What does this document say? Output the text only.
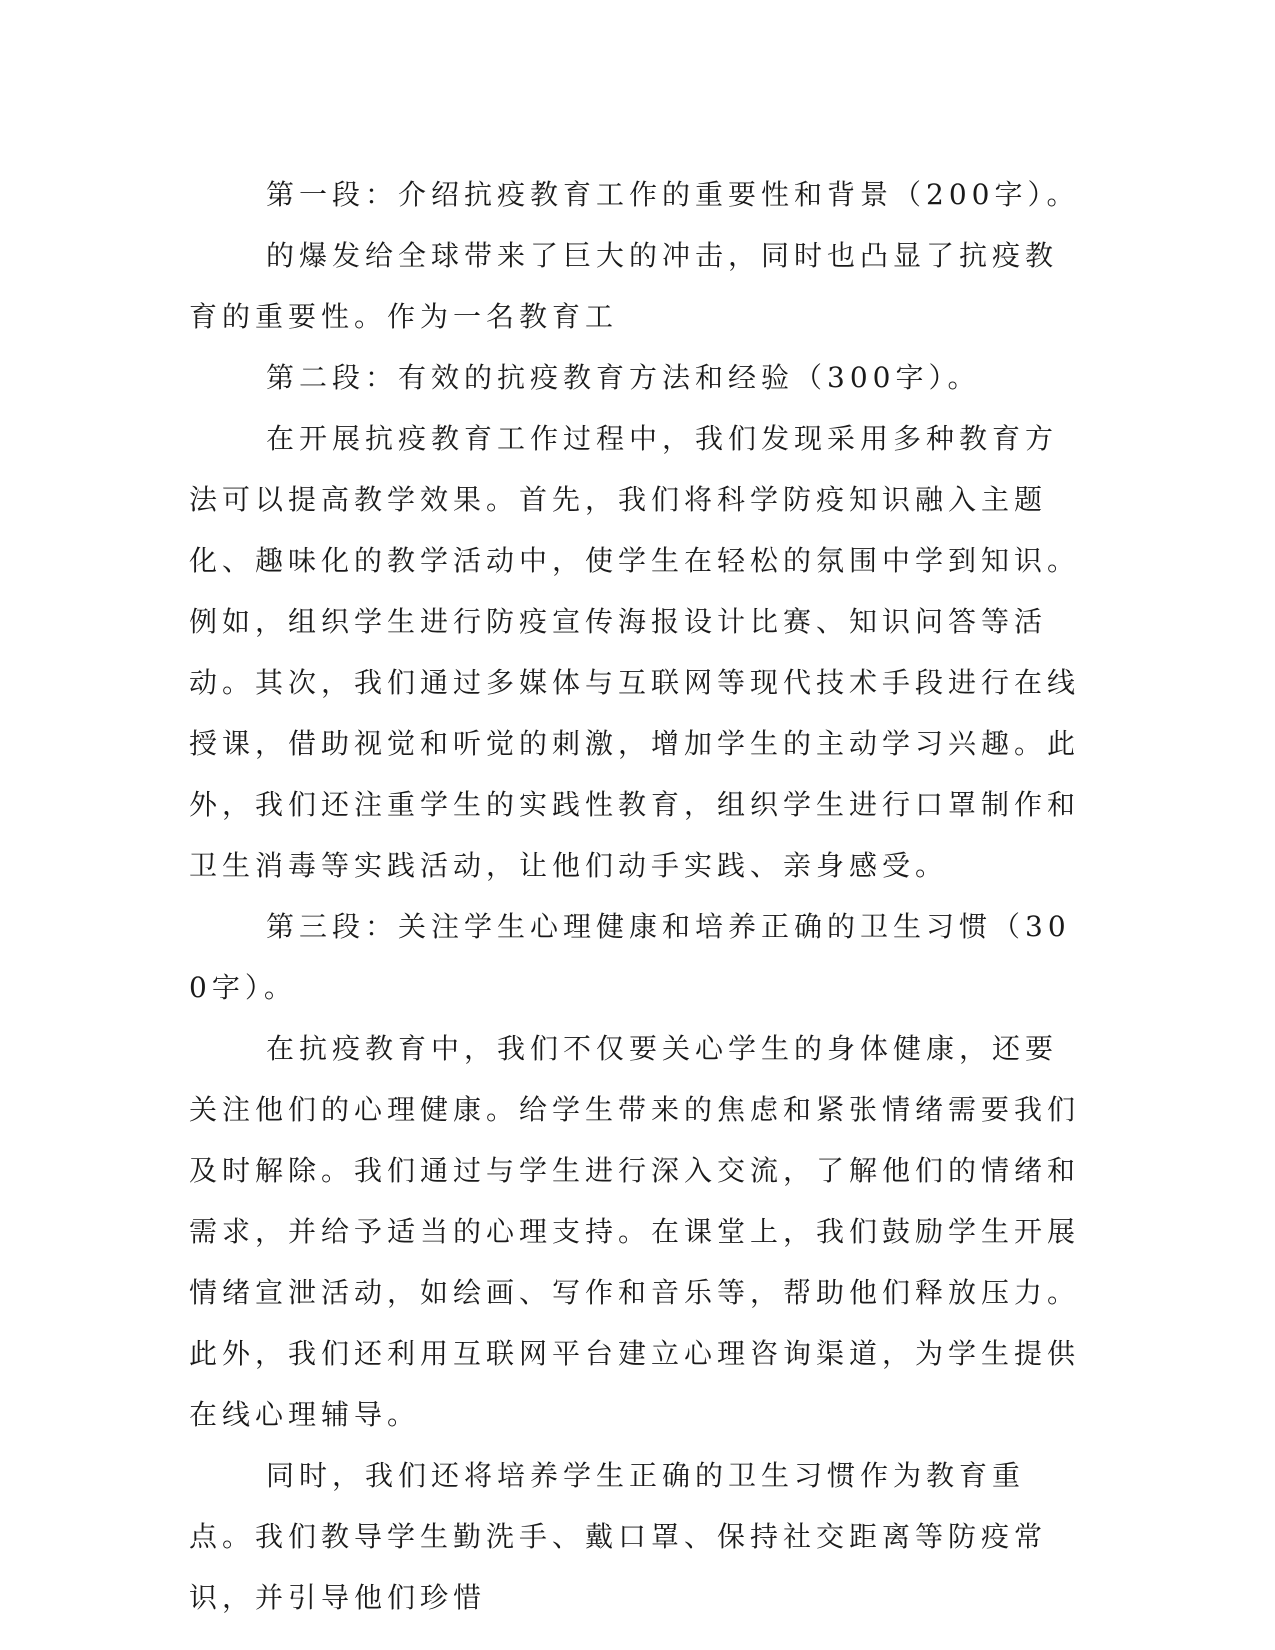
第一段：介绍抗疫教育工作的重要性和背景（200字）。

的爆发给全球带来了巨大的冲击，同时也凸显了抗疫教育的重要性。作为一名教育工

第二段：有效的抗疫教育方法和经验（300字）。

在开展抗疫教育工作过程中，我们发现采用多种教育方法可以提高教学效果。首先，我们将科学防疫知识融入主题化、趣味化的教学活动中，使学生在轻松的氛围中学到知识。例如，组织学生进行防疫宣传海报设计比赛、知识问答等活动。其次，我们通过多媒体与互联网等现代技术手段进行在线授课，借助视觉和听觉的刺激，增加学生的主动学习兴趣。此外，我们还注重学生的实践性教育，组织学生进行口罩制作和卫生消毒等实践活动，让他们动手实践、亲身感受。

第三段：关注学生心理健康和培养正确的卫生习惯（300字）。

在抗疫教育中，我们不仅要关心学生的身体健康，还要关注他们的心理健康。给学生带来的焦虑和紧张情绪需要我们及时解除。我们通过与学生进行深入交流，了解他们的情绪和需求，并给予适当的心理支持。在课堂上，我们鼓励学生开展情绪宣泄活动，如绘画、写作和音乐等，帮助他们释放压力。此外，我们还利用互联网平台建立心理咨询渠道，为学生提供在线心理辅导。

同时，我们还将培养学生正确的卫生习惯作为教育重点。我们教导学生勤洗手、戴口罩、保持社交距离等防疫常识，并引导他们珍惜
